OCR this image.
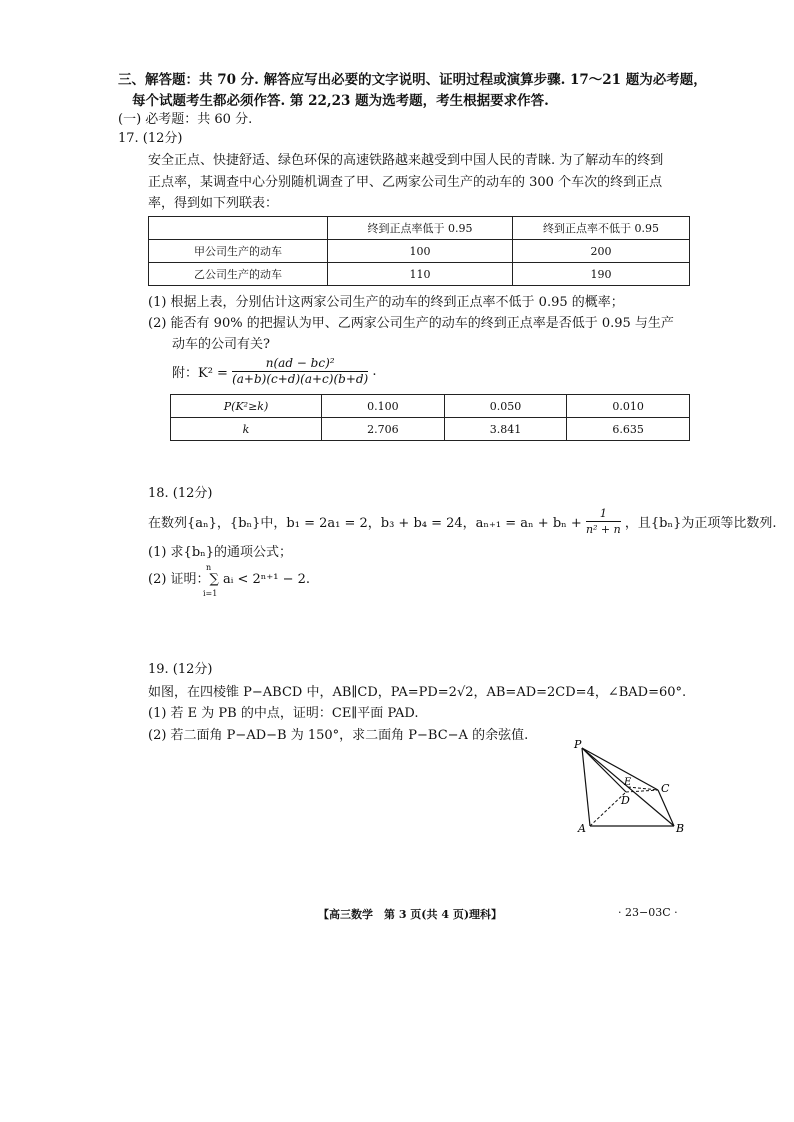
三、解答题：共 70 分. 解答应写出必要的文字说明、证明过程或演算步骤. 17～21 题为必考题，
每个试题考生都必须作答. 第 22,23 题为选考题，考生根据要求作答.
(一) 必考题：共 60 分.
17. (12分)
安全正点、快捷舒适、绿色环保的高速铁路越来越受到中国人民的青睐. 为了解动车的终到
正点率，某调查中心分别随机调查了甲、乙两家公司生产的动车的 300 个车次的终到正点
率，得到如下列联表：
	终到正点率低于 0.95	终到正点率不低于 0.95
甲公司生产的动车	100	200
乙公司生产的动车	110	190
(1) 根据上表，分别估计这两家公司生产的动车的终到正点率不低于 0.95 的概率；
(2) 能否有 90% 的把握认为甲、乙两家公司生产的动车的终到正点率是否低于 0.95 与生产
动车的公司有关?
附：$K^2 = \frac{\text{n(ad − bc)²}}{(a+b)(c+d)(a+c)(b+d)}$ .
P(K²≥k)	0.100	0.050	0.010
k	2.706	3.841	6.635
18. (12分)
在数列{aₙ}，{bₙ}中，b₁ = 2a₁ = 2，b₃ + b₄ = 24，$a_{n+1} = a_n + b_n + \frac{1}{\text{n² + n}}$ ，且{bₙ}为正项等比数列.
(1) 求{bₙ}的通项公式；
(2) 证明：∑ aᵢ < 2ⁿ⁺¹ − 2.
n
i=1
19. (12分)
如图，在四棱锥 P−ABCD 中，AB∥CD，PA=PD=2√2，AB=AD=2CD=4，∠BAD=60°.
(1) 若 E 为 PB 的中点，证明：CE∥平面 PAD.
(2) 若二面角 P−AD−B 为 150°，求二面角 P−BC−A 的余弦值.
P
A	B
C
D
E
【高三数学　第 3 页(共 4 页)理科】	· 23−03C ·
